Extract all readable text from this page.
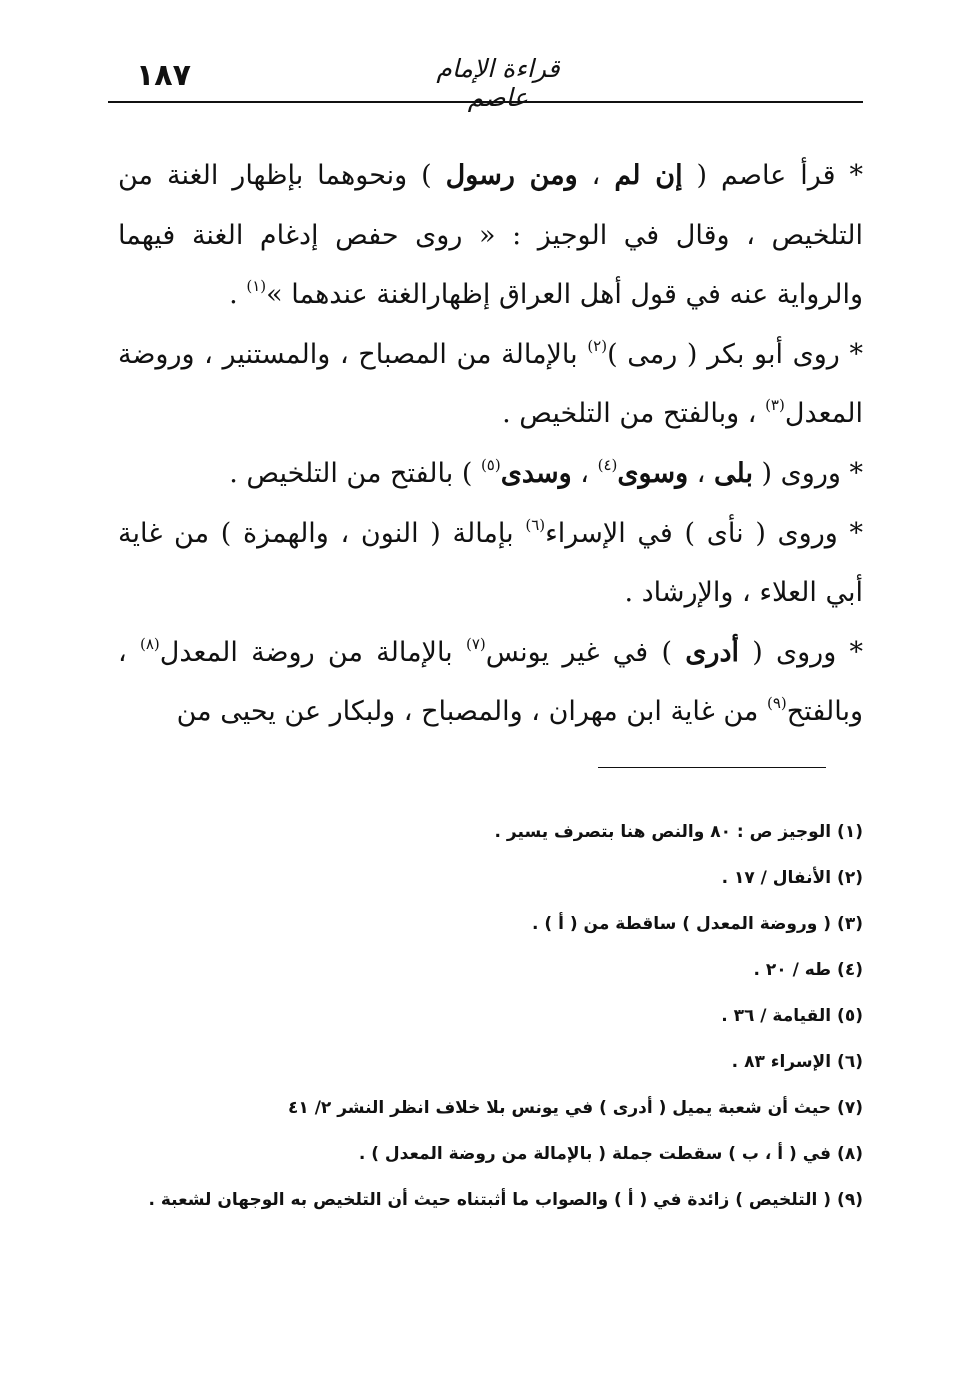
١٨٧	قراءة الإمام عاصم

* قرأ عاصم ( إن لم ، ومن رسول ) ونحوهما بإظهار الغنة من التلخيص ، وقال في الوجيز : « روى حفص إدغام الغنة فيهما والرواية عنه في قول أهل العراق إظهارالغنة عندهما »$^{(١)}$ .

* روى أبو بكر ( رمى )$^{(٢)}$ بالإمالة من المصباح ، والمستنير ، وروضة المعدل$^{(٣)}$ ، وبالفتح من التلخيص .

* وروى ( بلى ، وسوى$^{(٤)}$ ، وسدى$^{(٥)}$ ) بالفتح من التلخيص .

* وروى ( نأى ) في الإسراء$^{(٦)}$ بإمالة ( النون ، والهمزة ) من غاية أبي العلاء ، والإرشاد .

* وروى ( أدرى ) في غير يونس$^{(٧)}$ بالإمالة من روضة المعدل$^{(٨)}$ ، وبالفتح$^{(٩)}$ من غاية ابن مهران ، والمصباح ، ولبكار عن يحيى من

(١)الوجيز ص : ٨٠ والنص هنا بتصرف يسير .
(٢)الأنفال / ١٧ .
(٣)( وروضة المعدل ) ساقطة من ( أ ) .
(٤)طه / ٢٠ .
(٥)القيامة / ٣٦ .
(٦)الإسراء ٨٣ .
(٧)حيث أن شعبة يميل ( أدرى ) في يونس بلا خلاف انظر النشر ٢/ ٤١
(٨)في ( أ ، ب ) سقطت جملة ( بالإمالة من روضة المعدل ) .
(٩)( التلخيص ) زائدة في ( أ ) والصواب ما أثبتناه حيث أن التلخيص به الوجهان لشعبة .
